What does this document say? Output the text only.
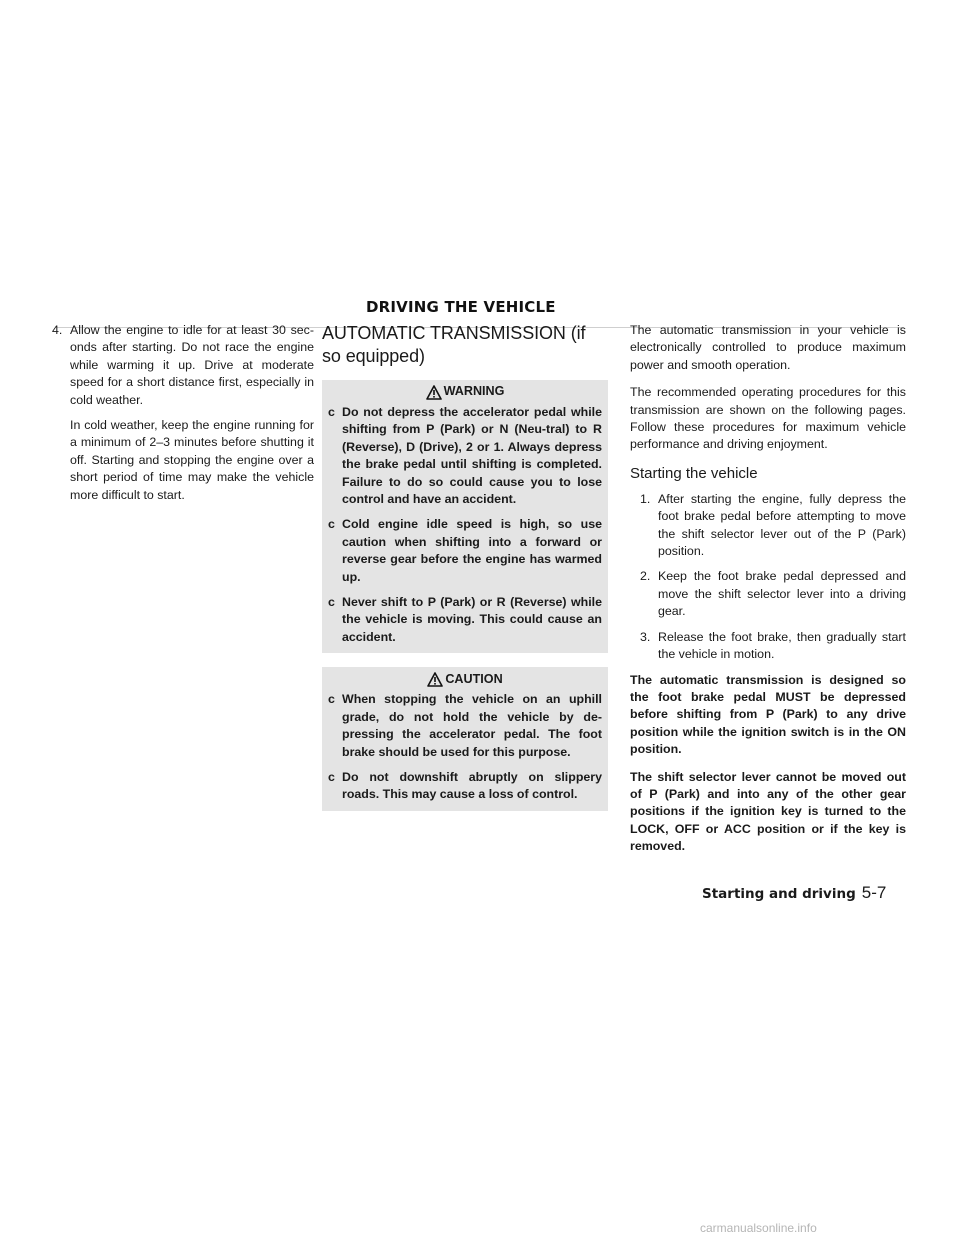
DRIVING THE VEHICLE
4. Allow the engine to idle for at least 30 sec-onds after starting. Do not race the engine while warming it up. Drive at moderate speed for a short distance first, especially in cold weather.

In cold weather, keep the engine running for a minimum of 2–3 minutes before shutting it off. Starting and stopping the engine over a short period of time may make the vehicle more difficult to start.

AUTOMATIC TRANSMISSION (if so equipped)
WARNING
c Do not depress the accelerator pedal while shifting from P (Park) or N (Neu-tral) to R (Reverse), D (Drive), 2 or 1. Always depress the brake pedal until shifting is completed. Failure to do so could cause you to lose control and have an accident.
c Cold engine idle speed is high, so use caution when shifting into a forward or reverse gear before the engine has warmed up.
c Never shift to P (Park) or R (Reverse) while the vehicle is moving. This could cause an accident.
CAUTION
c When stopping the vehicle on an uphill grade, do not hold the vehicle by de-pressing the accelerator pedal. The foot brake should be used for this purpose.
c Do not downshift abruptly on slippery roads. This may cause a loss of control.

The automatic transmission in your vehicle is electronically controlled to produce maximum power and smooth operation.

The recommended operating procedures for this transmission are shown on the following pages. Follow these procedures for maximum vehicle performance and driving enjoyment.

Starting the vehicle
1. After starting the engine, fully depress the foot brake pedal before attempting to move the shift selector lever out of the P (Park) position.
2. Keep the foot brake pedal depressed and move the shift selector lever into a driving gear.
3. Release the foot brake, then gradually start the vehicle in motion.

The automatic transmission is designed so the foot brake pedal MUST be depressed before shifting from P (Park) to any drive position while the ignition switch is in the ON position.

The shift selector lever cannot be moved out of P (Park) and into any of the other gear positions if the ignition key is turned to the LOCK, OFF or ACC position or if the key is removed.

Starting and driving 5-7
carmanualsonline.info
